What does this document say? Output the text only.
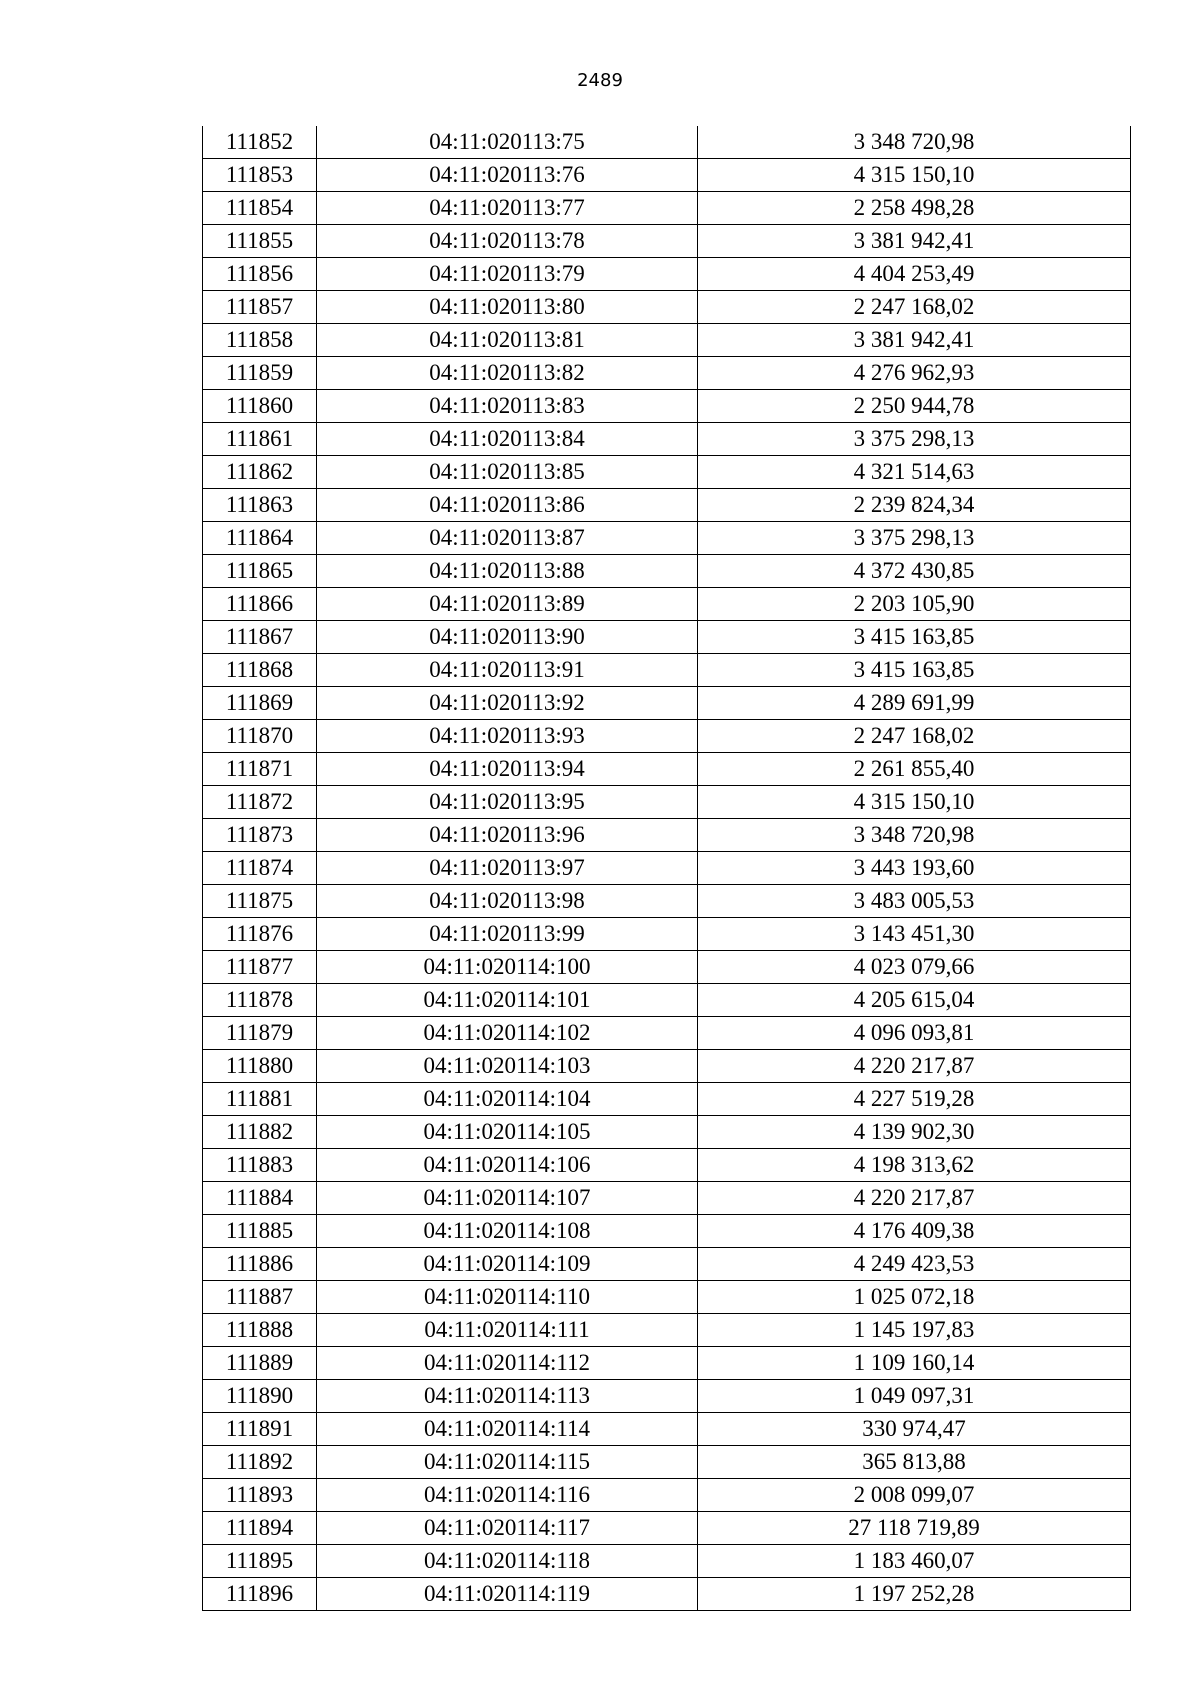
2489
111852	04:11:020113:75	3 348 720,98
111853	04:11:020113:76	4 315 150,10
111854	04:11:020113:77	2 258 498,28
111855	04:11:020113:78	3 381 942,41
111856	04:11:020113:79	4 404 253,49
111857	04:11:020113:80	2 247 168,02
111858	04:11:020113:81	3 381 942,41
111859	04:11:020113:82	4 276 962,93
111860	04:11:020113:83	2 250 944,78
111861	04:11:020113:84	3 375 298,13
111862	04:11:020113:85	4 321 514,63
111863	04:11:020113:86	2 239 824,34
111864	04:11:020113:87	3 375 298,13
111865	04:11:020113:88	4 372 430,85
111866	04:11:020113:89	2 203 105,90
111867	04:11:020113:90	3 415 163,85
111868	04:11:020113:91	3 415 163,85
111869	04:11:020113:92	4 289 691,99
111870	04:11:020113:93	2 247 168,02
111871	04:11:020113:94	2 261 855,40
111872	04:11:020113:95	4 315 150,10
111873	04:11:020113:96	3 348 720,98
111874	04:11:020113:97	3 443 193,60
111875	04:11:020113:98	3 483 005,53
111876	04:11:020113:99	3 143 451,30
111877	04:11:020114:100	4 023 079,66
111878	04:11:020114:101	4 205 615,04
111879	04:11:020114:102	4 096 093,81
111880	04:11:020114:103	4 220 217,87
111881	04:11:020114:104	4 227 519,28
111882	04:11:020114:105	4 139 902,30
111883	04:11:020114:106	4 198 313,62
111884	04:11:020114:107	4 220 217,87
111885	04:11:020114:108	4 176 409,38
111886	04:11:020114:109	4 249 423,53
111887	04:11:020114:110	1 025 072,18
111888	04:11:020114:111	1 145 197,83
111889	04:11:020114:112	1 109 160,14
111890	04:11:020114:113	1 049 097,31
111891	04:11:020114:114	330 974,47
111892	04:11:020114:115	365 813,88
111893	04:11:020114:116	2 008 099,07
111894	04:11:020114:117	27 118 719,89
111895	04:11:020114:118	1 183 460,07
111896	04:11:020114:119	1 197 252,28
